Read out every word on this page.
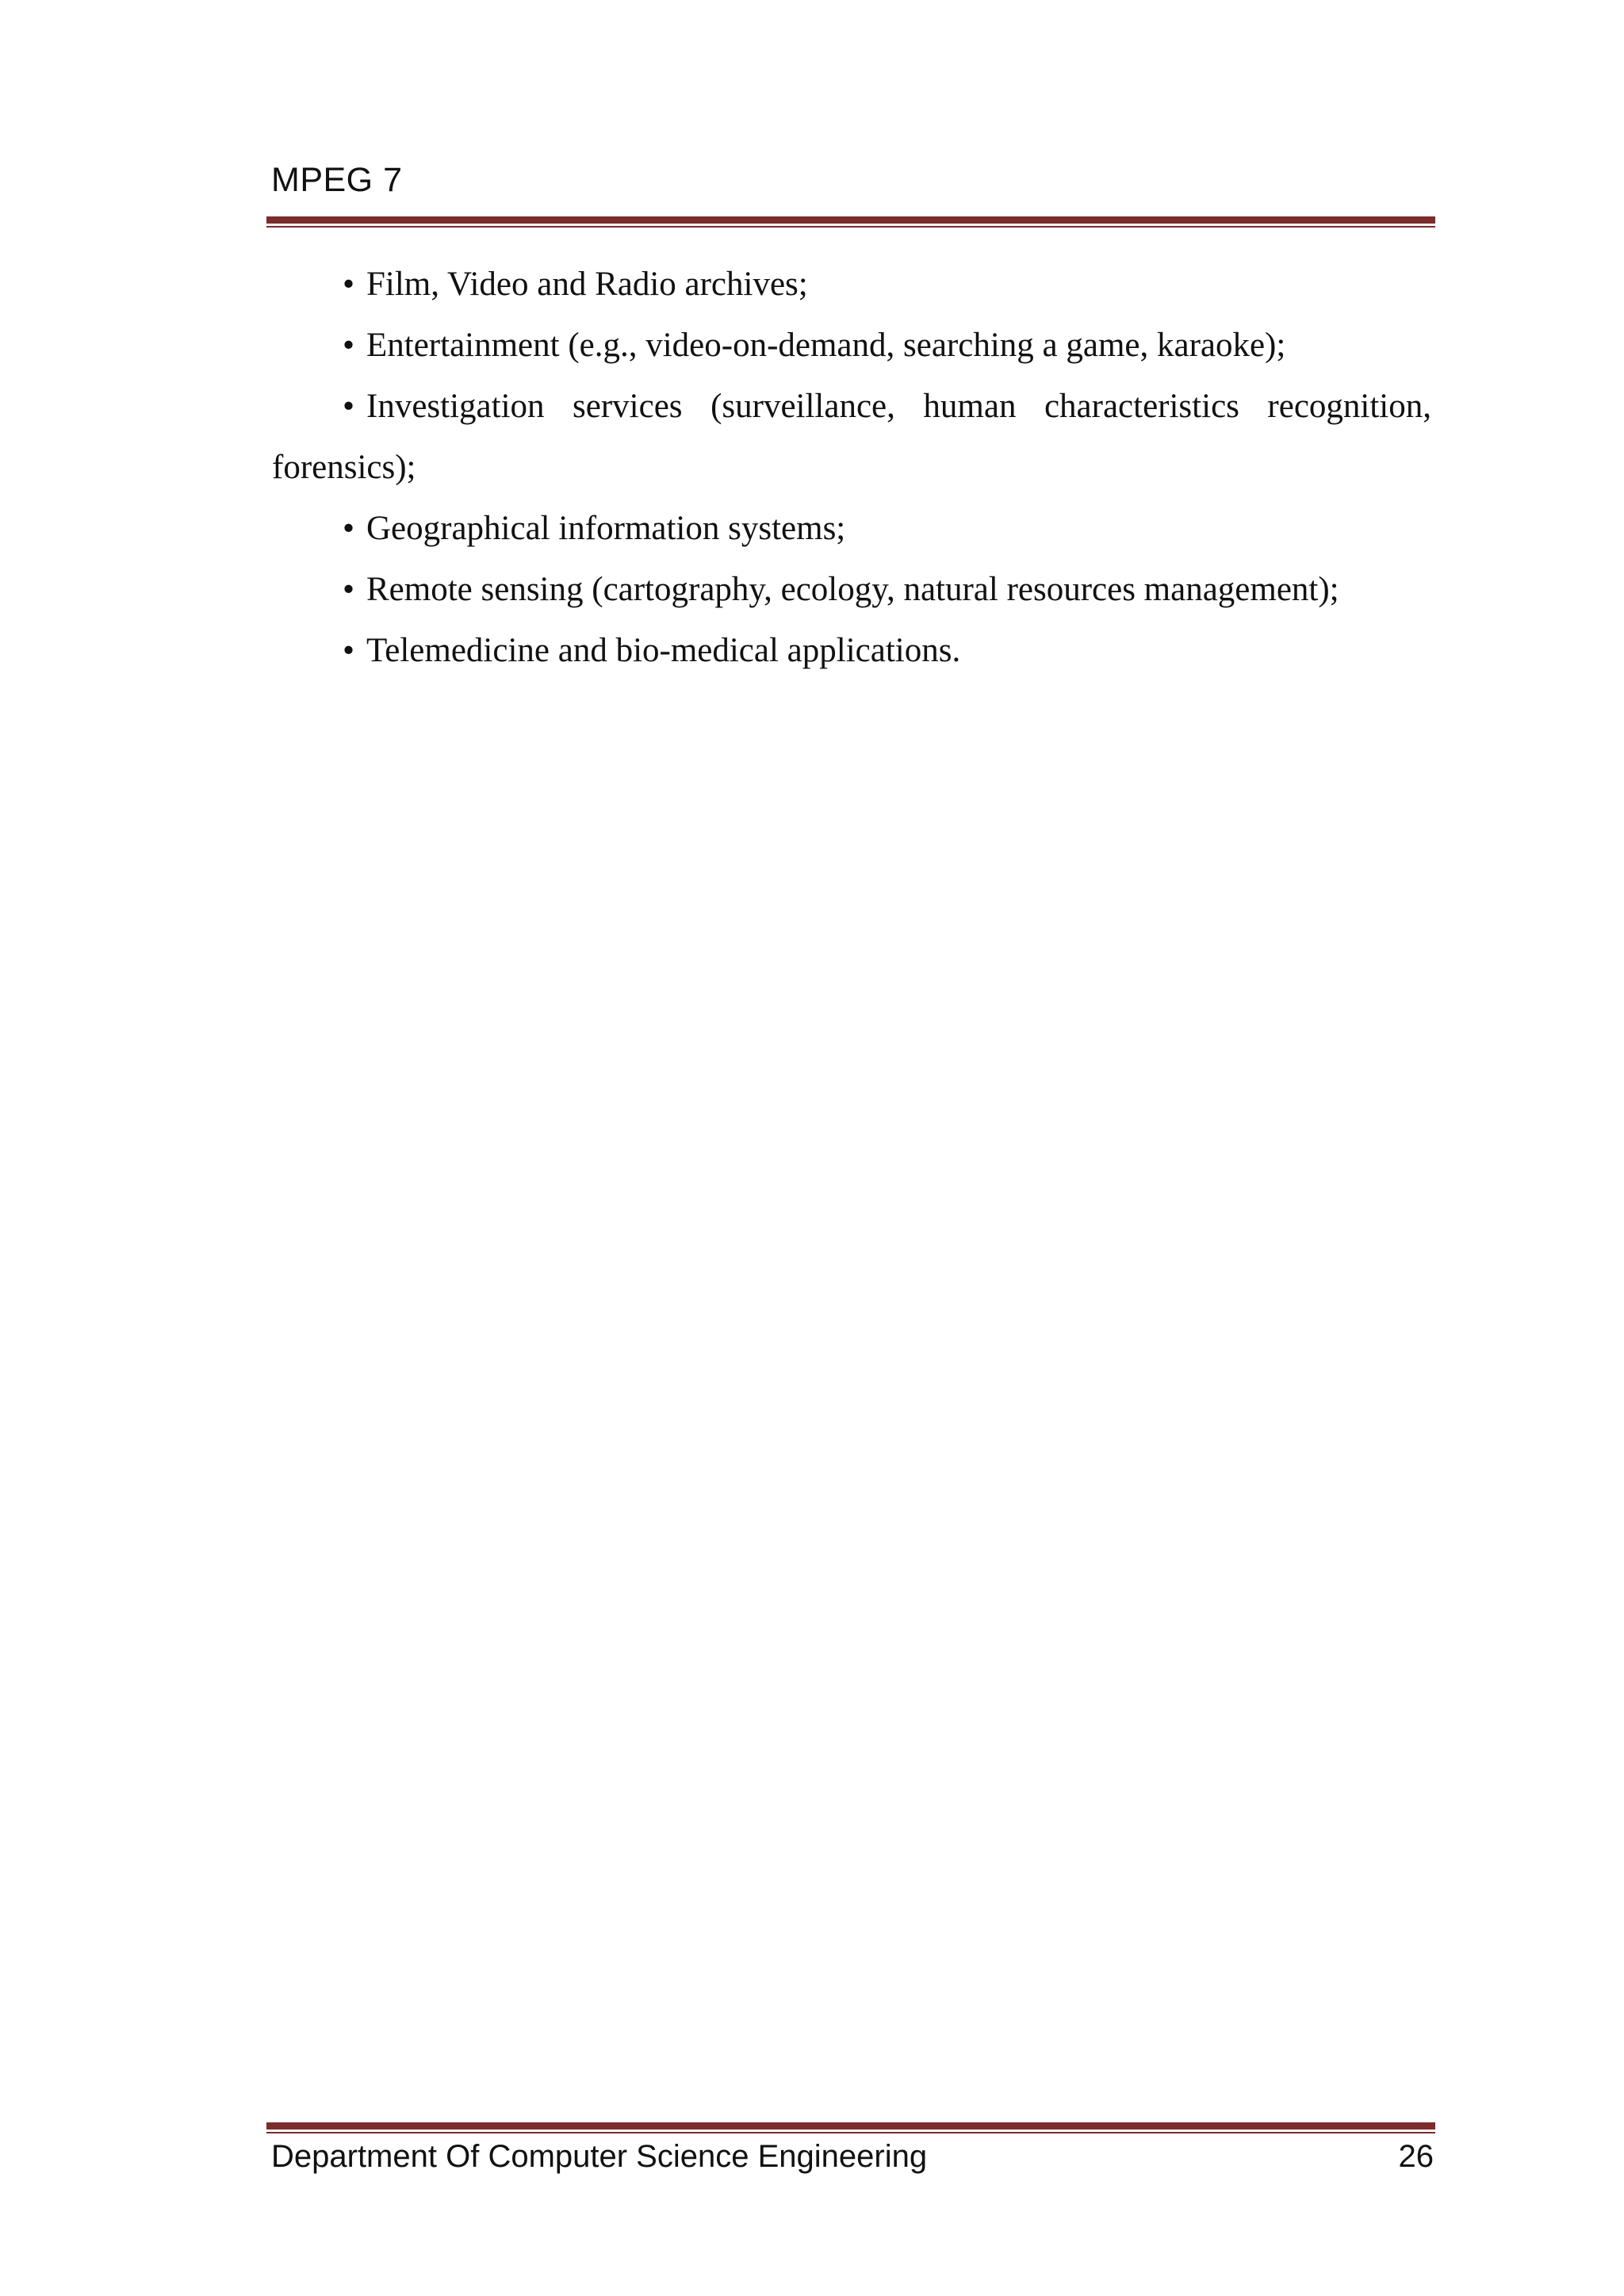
MPEG 7

• Film, Video and Radio archives;

• Entertainment (e.g., video-on-demand, searching a game, karaoke);

• Investigation services (surveillance, human characteristics recognition, forensics);

• Geographical information systems;

• Remote sensing (cartography, ecology, natural resources management);

• Telemedicine and bio-medical applications.

Department Of Computer Science Engineering	26
